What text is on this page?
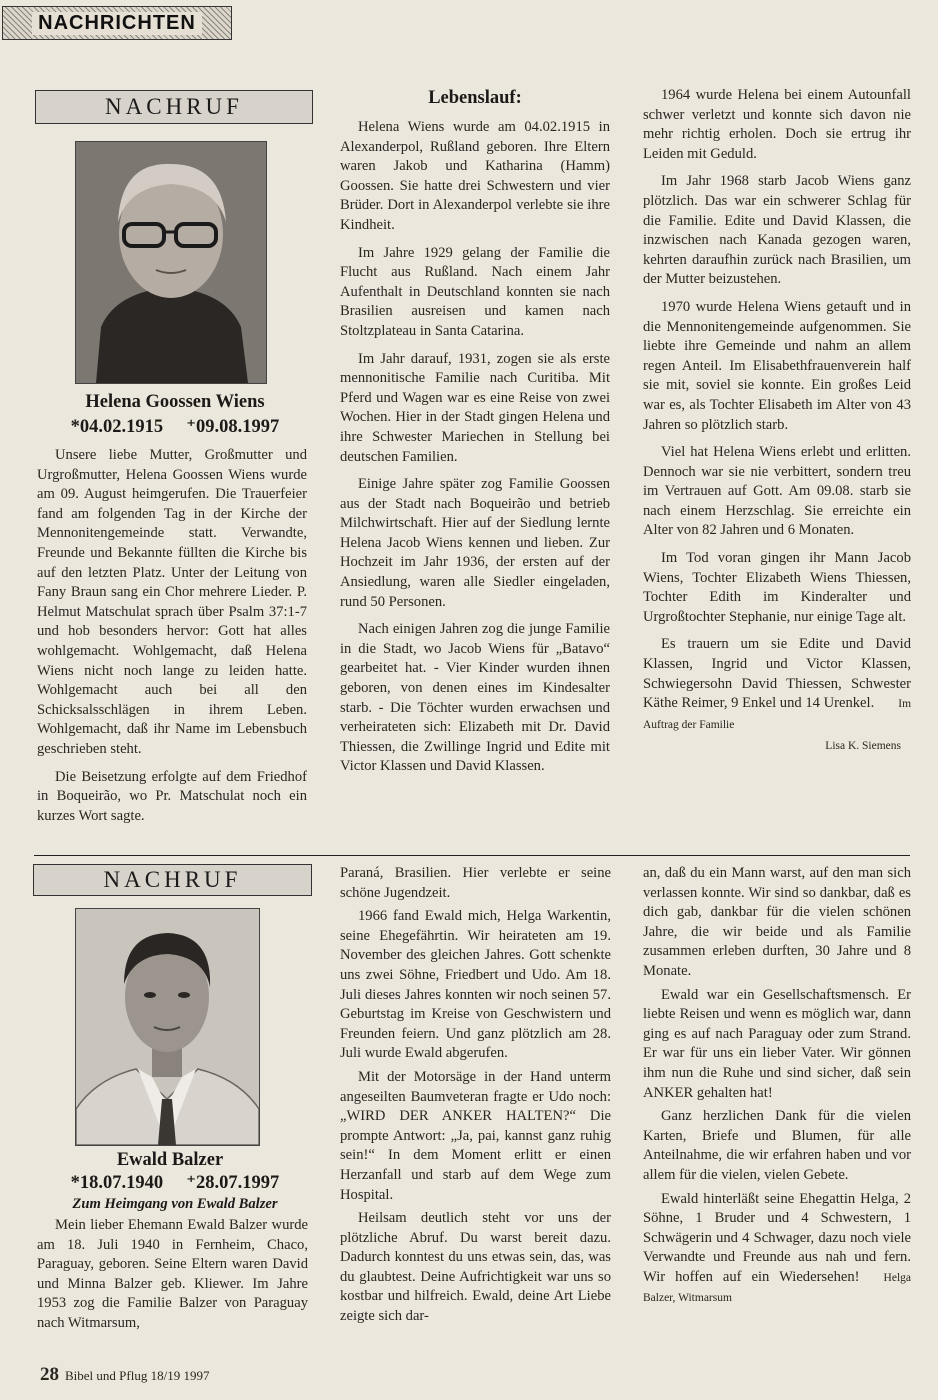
NACHRICHTEN
NACHRUF
Helena Goossen Wiens
*04.02.1915     ⁺09.08.1997

Unsere liebe Mutter, Großmutter und Urgroßmutter, Helena Goossen Wiens wurde am 09. August heimgerufen. Die Trauerfeier fand am folgenden Tag in der Kirche der Mennonitengemeinde statt. Verwandte, Freunde und Bekannte füllten die Kirche bis auf den letzten Platz. Unter der Leitung von Fany Braun sang ein Chor mehrere Lieder. P. Helmut Matschulat sprach über Psalm 37:1-7 und hob besonders hervor: Gott hat alles wohlgemacht. Wohlgemacht, daß Helena Wiens nicht noch lange zu leiden hatte. Wohlgemacht auch bei all den Schicksalsschlägen in ihrem Leben. Wohlgemacht, daß ihr Name im Lebensbuch geschrieben steht.

Die Beisetzung erfolgte auf dem Friedhof in Boqueirão, wo Pr. Matschulat noch ein kurzes Wort sagte.

Lebenslauf:

Helena Wiens wurde am 04.02.1915 in Alexanderpol, Rußland geboren. Ihre Eltern waren Jakob und Katharina (Hamm) Goossen. Sie hatte drei Schwestern und vier Brüder. Dort in Alexanderpol verlebte sie ihre Kindheit.

Im Jahre 1929 gelang der Familie die Flucht aus Rußland. Nach einem Jahr Aufenthalt in Deutschland konnten sie nach Brasilien ausreisen und kamen nach Stoltzplateau in Santa Catarina.

Im Jahr darauf, 1931, zogen sie als erste mennonitische Familie nach Curitiba. Mit Pferd und Wagen war es eine Reise von zwei Wochen. Hier in der Stadt gingen Helena und ihre Schwester Mariechen in Stellung bei deutschen Familien.

Einige Jahre später zog Familie Goossen aus der Stadt nach Boqueirão und betrieb Milchwirtschaft. Hier auf der Siedlung lernte Helena Jacob Wiens kennen und lieben. Zur Hochzeit im Jahr 1936, der ersten auf der Ansiedlung, waren alle Siedler eingeladen, rund 50 Personen.

Nach einigen Jahren zog die junge Familie in die Stadt, wo Jacob Wiens für „Batavo“ gearbeitet hat. - Vier Kinder wurden ihnen geboren, von denen eines im Kindesalter starb. - Die Töchter wurden erwachsen und verheirateten sich: Elizabeth mit Dr. David Thiessen, die Zwillinge Ingrid und Edite mit Victor Klassen und David Klassen.

1964 wurde Helena bei einem Autounfall schwer verletzt und konnte sich davon nie mehr richtig erholen. Doch sie ertrug ihr Leiden mit Geduld.

Im Jahr 1968 starb Jacob Wiens ganz plötzlich. Das war ein schwerer Schlag für die Familie. Edite und David Klassen, die inzwischen nach Kanada gezogen waren, kehrten daraufhin zurück nach Brasilien, um der Mutter beizustehen.

1970 wurde Helena Wiens getauft und in die Mennonitengemeinde aufgenommen. Sie liebte ihre Gemeinde und nahm an allem regen Anteil. Im Elisabethfrauenverein half sie mit, soviel sie konnte. Ein großes Leid war es, als Tochter Elisabeth im Alter von 43 Jahren so plötzlich starb.

Viel hat Helena Wiens erlebt und erlitten. Dennoch war sie nie verbittert, sondern treu im Vertrauen auf Gott. Am 09.08. starb sie nach einem Herzschlag. Sie erreichte ein Alter von 82 Jahren und 6 Monaten.

Im Tod voran gingen ihr Mann Jacob Wiens, Tochter Elizabeth Wiens Thiessen, Tochter Edith im Kinderalter und Urgroßtochter Stephanie, nur einige Tage alt.

Es trauern um sie Edite und David Klassen, Ingrid und Victor Klassen, Schwiegersohn David Thiessen, Schwester Käthe Reimer, 9 Enkel und 14 Urenkel. Im Auftrag der Familie

Lisa K. Siemens
NACHRUF
Ewald Balzer
*18.07.1940     ⁺28.07.1997
Zum Heimgang von Ewald Balzer

Mein lieber Ehemann Ewald Balzer wurde am 18. Juli 1940 in Fernheim, Chaco, Paraguay, geboren. Seine Eltern waren David und Minna Balzer geb. Kliewer. Im Jahre 1953 zog die Familie Balzer von Paraguay nach Witmarsum,

Paraná, Brasilien. Hier verlebte er seine schöne Jugendzeit.

1966 fand Ewald mich, Helga Warkentin, seine Ehegefährtin. Wir heirateten am 19. November des gleichen Jahres. Gott schenkte uns zwei Söhne, Friedbert und Udo. Am 18. Juli dieses Jahres konnten wir noch seinen 57. Geburtstag im Kreise von Geschwistern und Freunden feiern. Und ganz plötzlich am 28. Juli wurde Ewald abgerufen.

Mit der Motorsäge in der Hand unterm angeseilten Baumveteran fragte er Udo noch: „WIRD DER ANKER HALTEN?“ Die prompte Antwort: „Ja, pai, kannst ganz ruhig sein!“ In dem Moment erlitt er einen Herzanfall und starb auf dem Wege zum Hospital.

Heilsam deutlich steht vor uns der plötzliche Abruf. Du warst bereit dazu. Dadurch konntest du uns etwas sein, das, was du glaubtest. Deine Aufrichtigkeit war uns so kostbar und hilfreich. Ewald, deine Art Liebe zeigte sich dar-

an, daß du ein Mann warst, auf den man sich verlassen konnte. Wir sind so dankbar, daß es dich gab, dankbar für die vielen schönen Jahre, die wir beide und als Familie zusammen erleben durften, 30 Jahre und 8 Monate.

Ewald war ein Gesellschaftsmensch. Er liebte Reisen und wenn es möglich war, dann ging es auf nach Paraguay oder zum Strand. Er war für uns ein lieber Vater. Wir gönnen ihm nun die Ruhe und sind sicher, daß sein ANKER gehalten hat!

Ganz herzlichen Dank für die vielen Karten, Briefe und Blumen, für alle Anteilnahme, die wir erfahren haben und vor allem für die vielen, vielen Gebete.

Ewald hinterläßt seine Ehegattin Helga, 2 Söhne, 1 Bruder und 4 Schwestern, 1 Schwägerin und 4 Schwager, dazu noch viele Verwandte und Freunde aus nah und fern. Wir hoffen auf ein Wiedersehen! Helga Balzer, Witmarsum

28 Bibel und Pflug 18/19 1997
